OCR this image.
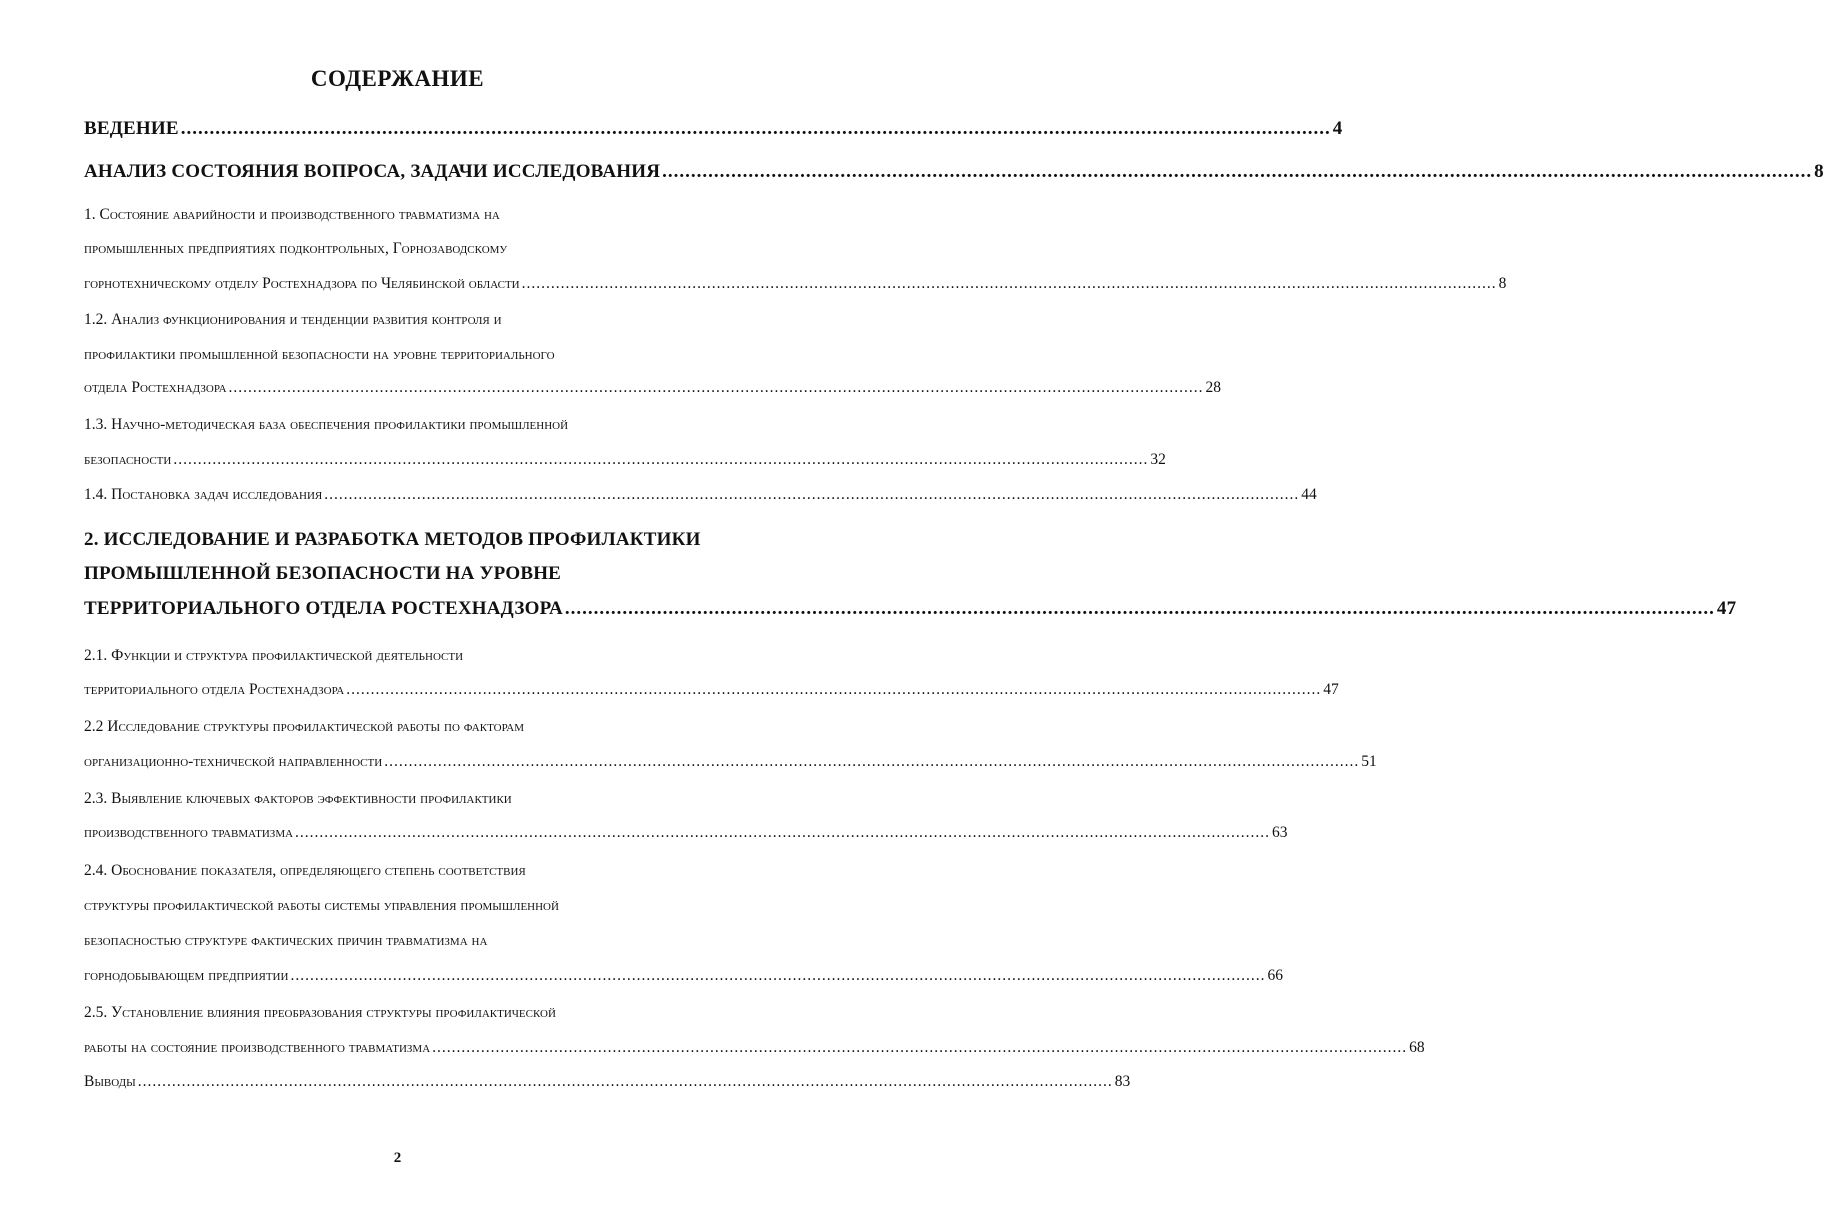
СОДЕРЖАНИЕ
ВЕДЕНИЕ .....	4
АНАЛИЗ СОСТОЯНИЯ ВОПРОСА, ЗАДАЧИ ИССЛЕДОВАНИЯ .....	8
1. Состояние аварийности и производственного травматизма на
промышленных предприятиях подконтрольных, Горнозаводскому
горнотехническому отделу Ростехнадзора по Челябинской области .....	8
1.2. Анализ функционирования и тенденции развития контроля и
профилактики промышленной безопасности на уровне территориального
отдела Ростехнадзора .....	28
1.3. Научно-методическая база обеспечения профилактики промышленной
безопасности .....	32
1.4. Постановка задач исследования .....	44
2. ИССЛЕДОВАНИЕ И РАЗРАБОТКА МЕТОДОВ ПРОФИЛАКТИКИ
ПРОМЫШЛЕННОЙ БЕЗОПАСНОСТИ НА УРОВНЕ
ТЕРРИТОРИАЛЬНОГО ОТДЕЛА РОСТЕХНАДЗОРА .....	47
2.1. Функции и структура профилактической деятельности
территориального отдела Ростехнадзора .....	47
2.2 Исследование структуры профилактической работы по факторам
организационно-технической направленности .....	51
2.3. Выявление ключевых факторов эффективности профилактики
производственного травматизма .....	63
2.4. Обоснование показателя, определяющего степень соответствия
структуры профилактической работы системы управления промышленной
безопасностью структуре фактических причин травматизма на
горнодобывающем предприятии .....	66
2.5. Установление влияния преобразования структуры профилактической
работы на состояние производственного травматизма .....	68
Выводы .....	83
2
